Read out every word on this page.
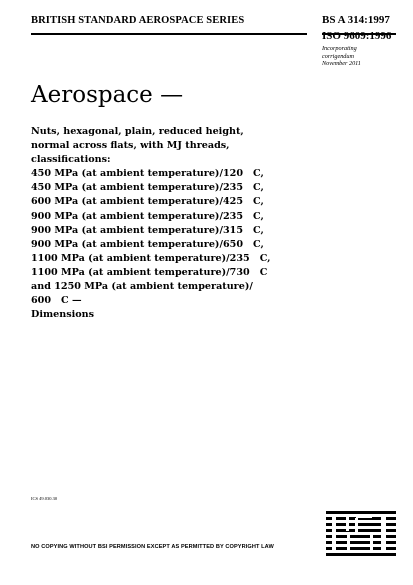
BRITISH STANDARD AEROSPACE SERIES	BS A 314:1997
ISO 9609:1996
Incorporating
corrigendum
November 2011
Aerospace —
Nuts, hexagonal, plain, reduced height,
normal across flats, with MJ threads,
classifications:
450 MPa (at ambient temperature)/120   C,
450 MPa (at ambient temperature)/235   C,
600 MPa (at ambient temperature)/425   C,
900 MPa (at ambient temperature)/235   C,
900 MPa (at ambient temperature)/315   C,
900 MPa (at ambient temperature)/650   C,
1100 MPa (at ambient temperature)/235   C,
1100 MPa (at ambient temperature)/730   C
and 1250 MPa (at ambient temperature)/
600   C —
Dimensions
ICS 49.030.30
NO COPYING WITHOUT BSI PERMISSION EXCEPT AS PERMITTED BY COPYRIGHT LAW
